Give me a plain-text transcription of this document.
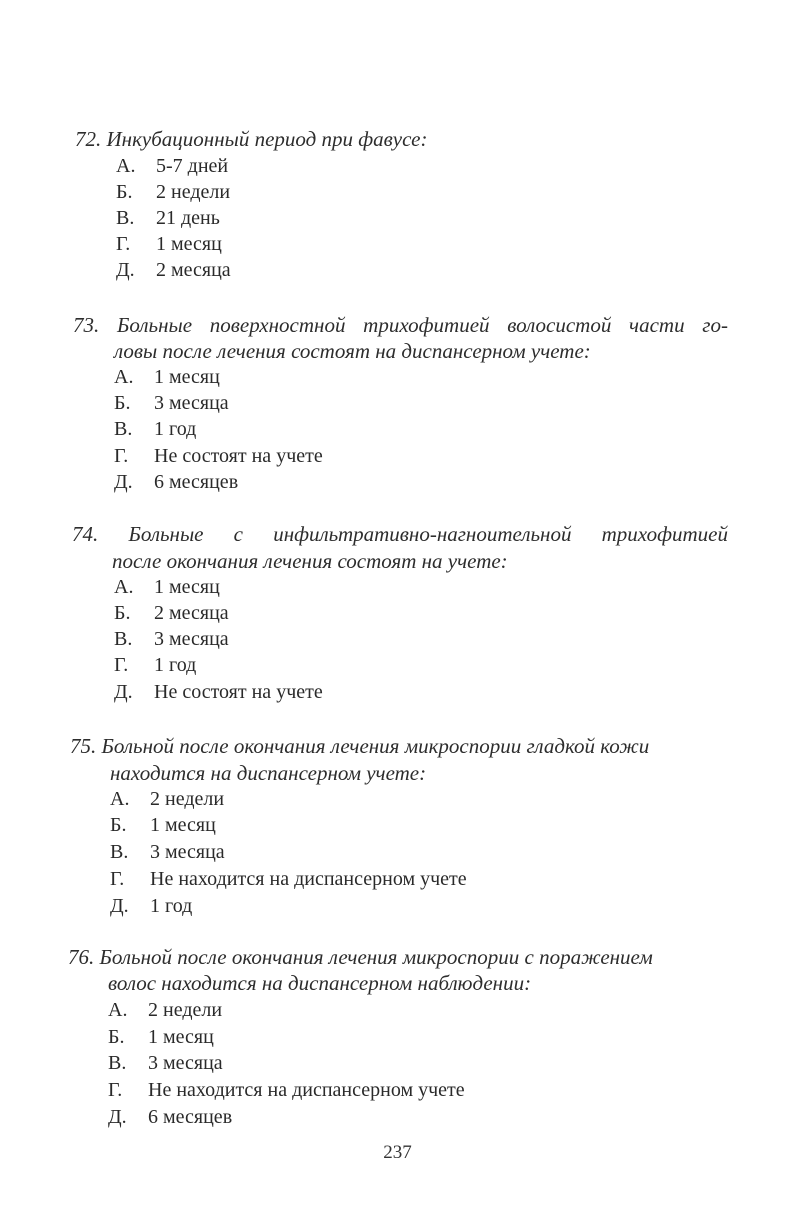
72. Инкубационный период при фавусе:
А. 5-7 дней
Б. 2 недели
В. 21 день
Г. 1 месяц
Д. 2 месяца
73. Больные поверхностной трихофитией волосистой части го-
ловы после лечения состоят на диспансерном учете:
А. 1 месяц
Б. 3 месяца
В. 1 год
Г. Не состоят на учете
Д. 6 месяцев
74. Больные с инфильтративно-нагноительной трихофитией
после окончания лечения состоят на учете:
А. 1 месяц
Б. 2 месяца
В. 3 месяца
Г. 1 год
Д. Не состоят на учете
75. Больной после окончания лечения микроспории гладкой кожи
находится на диспансерном учете:
А. 2 недели
Б. 1 месяц
В. 3 месяца
Г. Не находится на диспансерном учете
Д. 1 год
76. Больной после окончания лечения микроспории с поражением
волос находится на диспансерном наблюдении:
А. 2 недели
Б. 1 месяц
В. 3 месяца
Г. Не находится на диспансерном учете
Д. 6 месяцев
237
